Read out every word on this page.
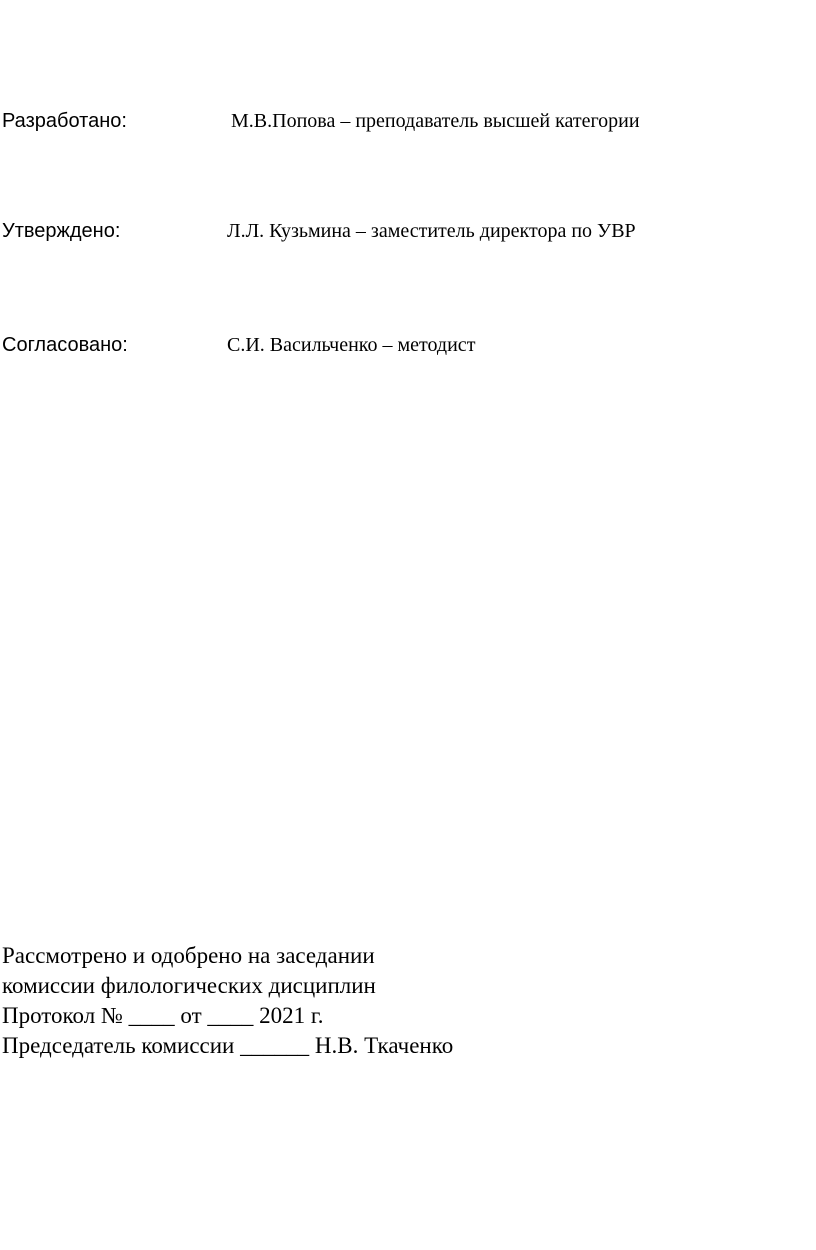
Разработано:	М.В.Попова – преподаватель высшей категории
Утверждено:	Л.Л. Кузьмина – заместитель директора по УВР
Согласовано:	С.И. Васильченко – методист
Рассмотрено и одобрено на заседании
комиссии филологических дисциплин
Протокол № ____ от ____ 2021 г.
Председатель комиссии ______ Н.В. Ткаченко
